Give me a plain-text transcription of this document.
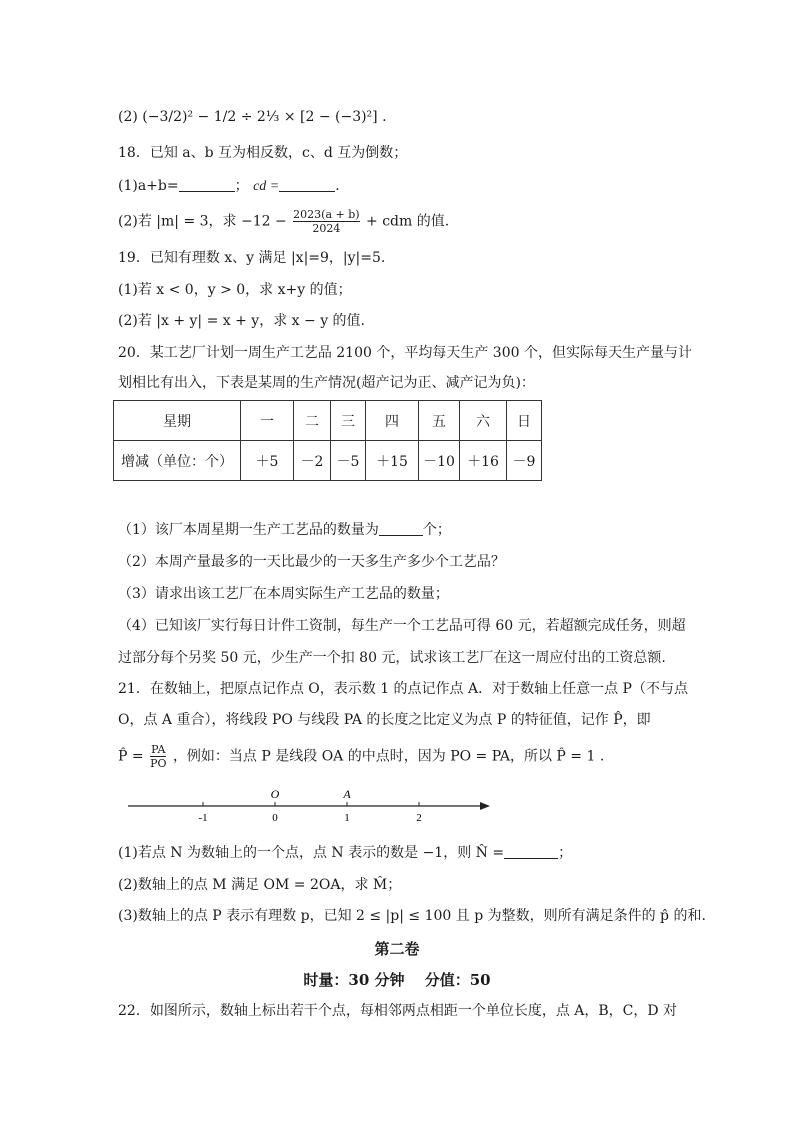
(2) (−3/2)² − 1/2 ÷ 2⅓ × [2 − (−3)²] .
18．已知 a、b 互为相反数，c、d 互为倒数；
(1)a+b=	； cd =	.
(2)若 |m| = 3，求 $-12 - \frac{2023(a + b)}{2024}$ + cdm 的值.
19．已知有理数 x、y 满足 |x|=9，|y|=5.
(1)若 x < 0，y > 0，求 x+y 的值；
(2)若 |x + y| = x + y，求 x − y 的值.
20．某工艺厂计划一周生产工艺品 2100 个，平均每天生产 300 个，但实际每天生产量与计
划相比有出入，下表是某周的生产情况(超产记为正、减产记为负)：
星期	一	二	三	四	五	六	日
增减（单位：个）	＋5	－2	－5	＋15	－10	＋16	－9
（1）该厂本周星期一生产工艺品的数量为	个；
（2）本周产量最多的一天比最少的一天多生产多少个工艺品？
（3）请求出该工艺厂在本周实际生产工艺品的数量；
（4）已知该厂实行每日计件工资制，每生产一个工艺品可得 60 元，若超额完成任务，则超
过部分每个另奖 50 元，少生产一个扣 80 元，试求该工艺厂在这一周应付出的工资总额.
21．在数轴上，把原点记作点 O，表示数 1 的点记作点 A．对于数轴上任意一点 P（不与点
O，点 A 重合），将线段 PO 与线段 PA 的长度之比定义为点 P 的特征值，记作 P̂，即
P̂ = $\frac{PA}{PO}$ ，例如：当点 P 是线段 OA 的中点时，因为 PO = PA，所以 P̂ = 1 .
O	A
-1	0	1	2
(1)若点 N 为数轴上的一个点，点 N 表示的数是 −1，则 N̂ =	；
(2)数轴上的点 M 满足 OM = 2OA，求 M̂；
(3)数轴上的点 P 表示有理数 p，已知 2 ≤ |p| ≤ 100 且 p 为整数，则所有满足条件的 p̂ 的和.
第二卷
时量：30 分钟　 分值：50
22．如图所示，数轴上标出若干个点，每相邻两点相距一个单位长度，点 A，B，C，D 对
